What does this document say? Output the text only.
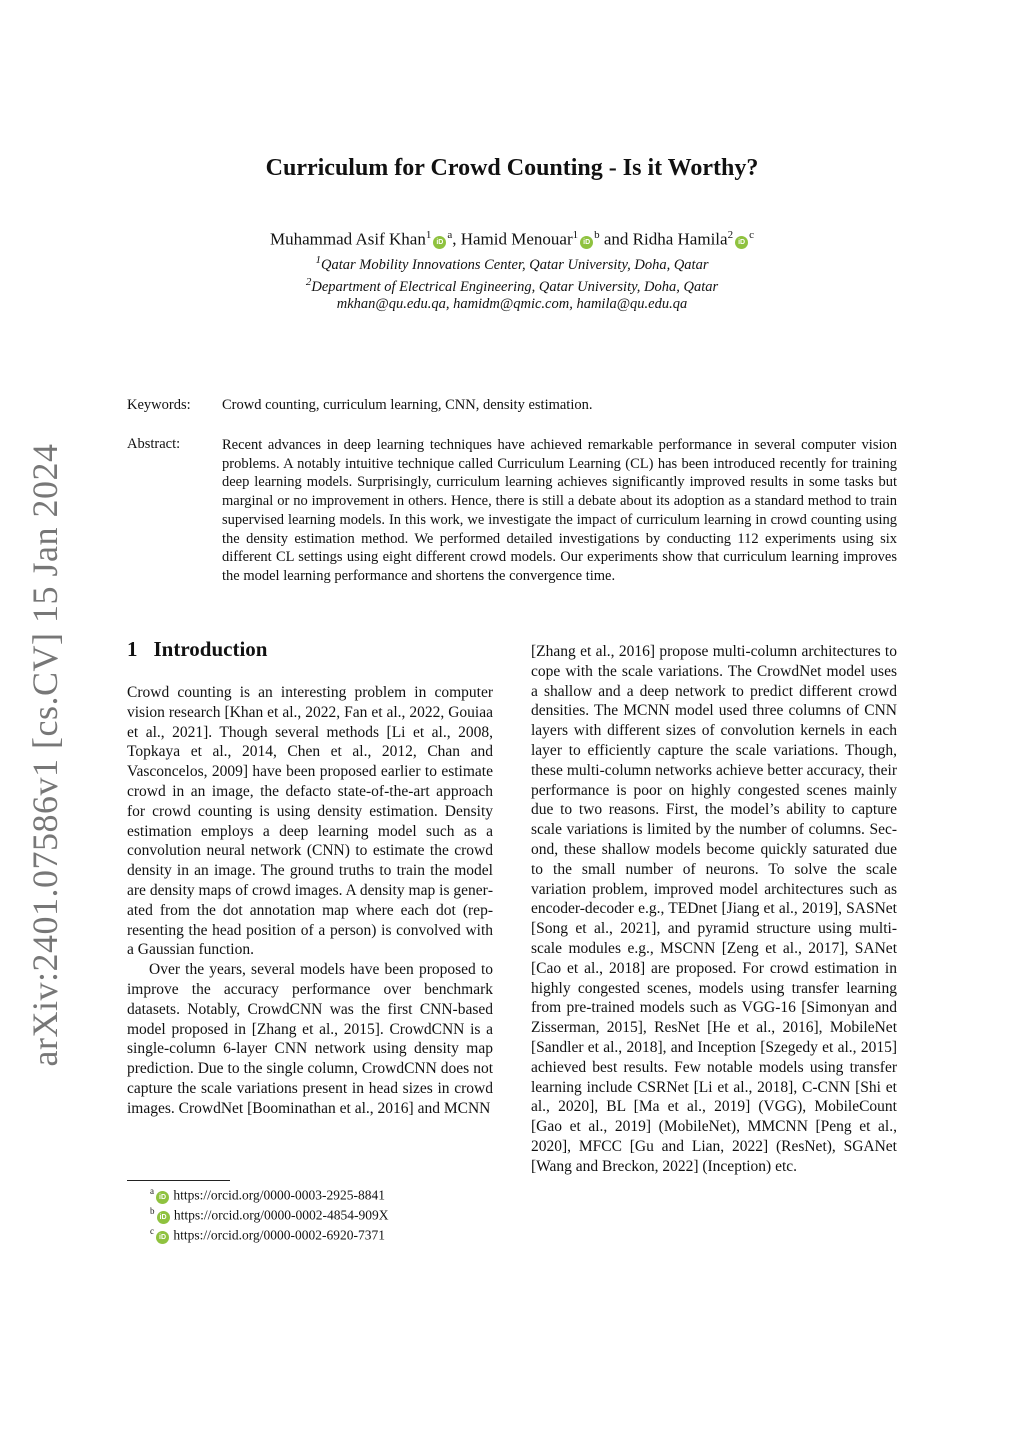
arXiv:2401.07586v1 [cs.CV] 15 Jan 2024
Curriculum for Crowd Counting - Is it Worthy?
Muhammad Asif $Khan^1iD^a$, Hamid $Menouar^1iD^b$ and Ridha $Hamila^2iD^c$
$^1$Qatar Mobility Innovations Center, Qatar University, Doha, Qatar
$^2$Department of Electrical Engineering, Qatar University, Doha, Qatar
mkhan@qu.edu.qa, hamidm@qmic.com, hamila@qu.edu.qa
Keywords: Crowd counting, curriculum learning, CNN, density estimation.
Abstract:	Recent advances in deep learning techniques have achieved remarkable performance in several computer vision problems. A notably intuitive technique called Curriculum Learning (CL) has been introduced recently for training deep learning models. Surprisingly, curriculum learning achieves significantly improved results in some tasks but marginal or no improvement in others. Hence, there is still a debate about its adoption as a standard method to train supervised learning models. In this work, we investigate the impact of curriculum learning in crowd counting using the density estimation method. We performed detailed investigations by conducting 112 experiments using six different CL settings using eight different crowd models. Our experiments show that curriculum learning improves the model learning performance and shortens the convergence time.
1 Introduction

Crowd counting is an interesting problem in computer vision research [Khan et al., 2022, Fan et al., 2022, Gouiaa et al., 2021]. Though several methods [Li et al., 2008, Topkaya et al., 2014, Chen et al., 2012, Chan and Vasconcelos, 2009] have been proposed earlier to estimate crowd in an image, the defacto state-of-the-art approach for crowd counting is using density estimation. Density estimation employs a deep learning model such as a convolution neural network (CNN) to estimate the crowd density in an image. The ground truths to train the model are density maps of crowd images. A density map is generated from the dot annotation map where each dot (representing the head position of a person) is convolved with a Gaussian function.

Over the years, several models have been proposed to improve the accuracy performance over benchmark datasets. Notably, CrowdCNN was the first CNN-based model proposed in [Zhang et al., 2015]. CrowdCNN is a single-column 6-layer CNN network using density map prediction. Due to the single column, CrowdCNN does not capture the scale variations present in head sizes in crowd images. CrowdNet [Boominathan et al., 2016] and MCNN

[Zhang et al., 2016] propose multi-column architectures to cope with the scale variations. The CrowdNet model uses a shallow and a deep network to predict different crowd densities. The MCNN model used three columns of CNN layers with different sizes of convolution kernels in each layer to efficiently capture the scale variations. Though, these multi-column networks achieve better accuracy, their performance is poor on highly congested scenes mainly due to two reasons. First, the model’s ability to capture scale variations is limited by the number of columns. Second, these shallow models become quickly saturated due to the small number of neurons. To solve the scale variation problem, improved model architectures such as encoder-decoder e.g., TEDnet [Jiang et al., 2019], SASNet [Song et al., 2021], and pyramid structure using multi-scale modules e.g., MSCNN [Zeng et al., 2017], SANet [Cao et al., 2018] are proposed. For crowd estimation in highly congested scenes, models using transfer learning from pre-trained models such as VGG-16 [Simonyan and Zisserman, 2015], ResNet [He et al., 2016], MobileNet [Sandler et al., 2018], and Inception [Szegedy et al., 2015] achieved best results. Few notable models using transfer learning include CSRNet [Li et al., 2018], C-CNN [Shi et al., 2020], BL [Ma et al., 2019] (VGG), MobileCount [Gao et al., 2019] (MobileNet), MMCNN [Peng et al., 2020], MFCC [Gu and Lian, 2022] (ResNet), SGANet [Wang and Breckon, 2022] (Inception) etc.

$^a$iD https://orcid.org/0000-0003-2925-8841
$^b$iD https://orcid.org/0000-0002-4854-909X
$^c$iD https://orcid.org/0000-0002-6920-7371
